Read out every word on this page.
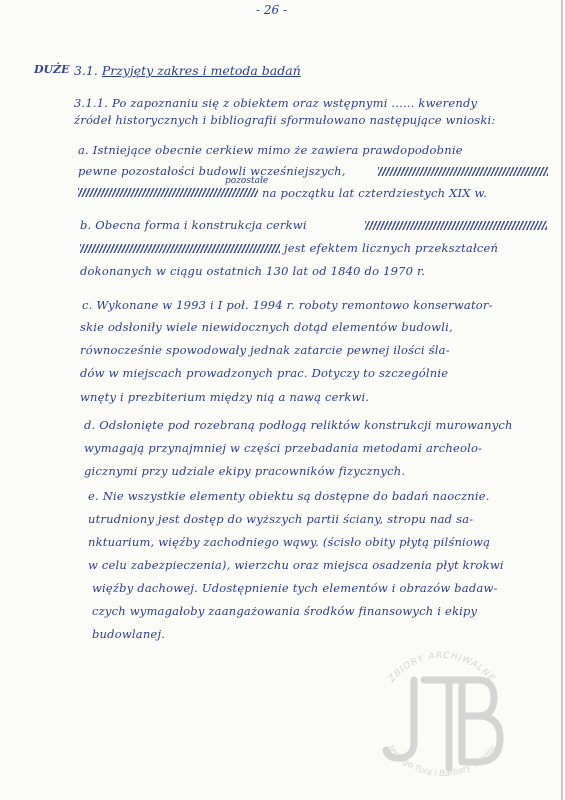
- 26 -
DUŻE 3.1. Przyjęty zakres i metoda badań
3.1.1. Po zapoznaniu się z obiektem oraz wstępnymi ...... kwerendy
źródeł historycznych i bibliografii sformułowano następujące wnioski:
a. Istniejące obecnie cerkiew mimo że zawiera prawdopodobnie
pewne pozostałości budowli wcześniejszych,
pozostałe
na początku lat czterdziestych XIX w.
b. Obecna forma i konstrukcja cerkwi
jest efektem licznych przekształceń
dokonanych w ciągu ostatnich 130 lat od 1840 do 1970 r.
c. Wykonane w 1993 i I poł. 1994 r. roboty remontowo konserwator-
skie odsłoniły wiele niewidocznych dotąd elementów budowli,
równocześnie spowodowały jednak zatarcie pewnej ilości śla-
dów w miejscach prowadzonych prac. Dotyczy to szczególnie
wnęty i prezbiterium między nią a nawą cerkwi.
d. Odsłonięte pod rozebraną podłogą reliktów konstrukcji murowanych
wymagają przynajmniej w części przebadania metodami archeolo-
gicznymi przy udziale ekipy pracowników fizycznych.
e. Nie wszystkie elementy obiektu są dostępne do badań naocznie.
utrudniony jest dostęp do wyższych partii ściany, stropu nad sa-
nktuarium, więźby zachodniego wąwy. (ścisło obity płytą pilśniową
w celu zabezpieczenia), wierzchu oraz miejsca osadzenia płyt krokwi
więźby dachowej. Udostępnienie tych elementów i obrazów badaw-
czych wymagałoby zaangażowania środków finansowych i ekipy
budowlanej.
ZBIORY ARCHIWALNE
Jerzego Tura i Barbary Tondos
